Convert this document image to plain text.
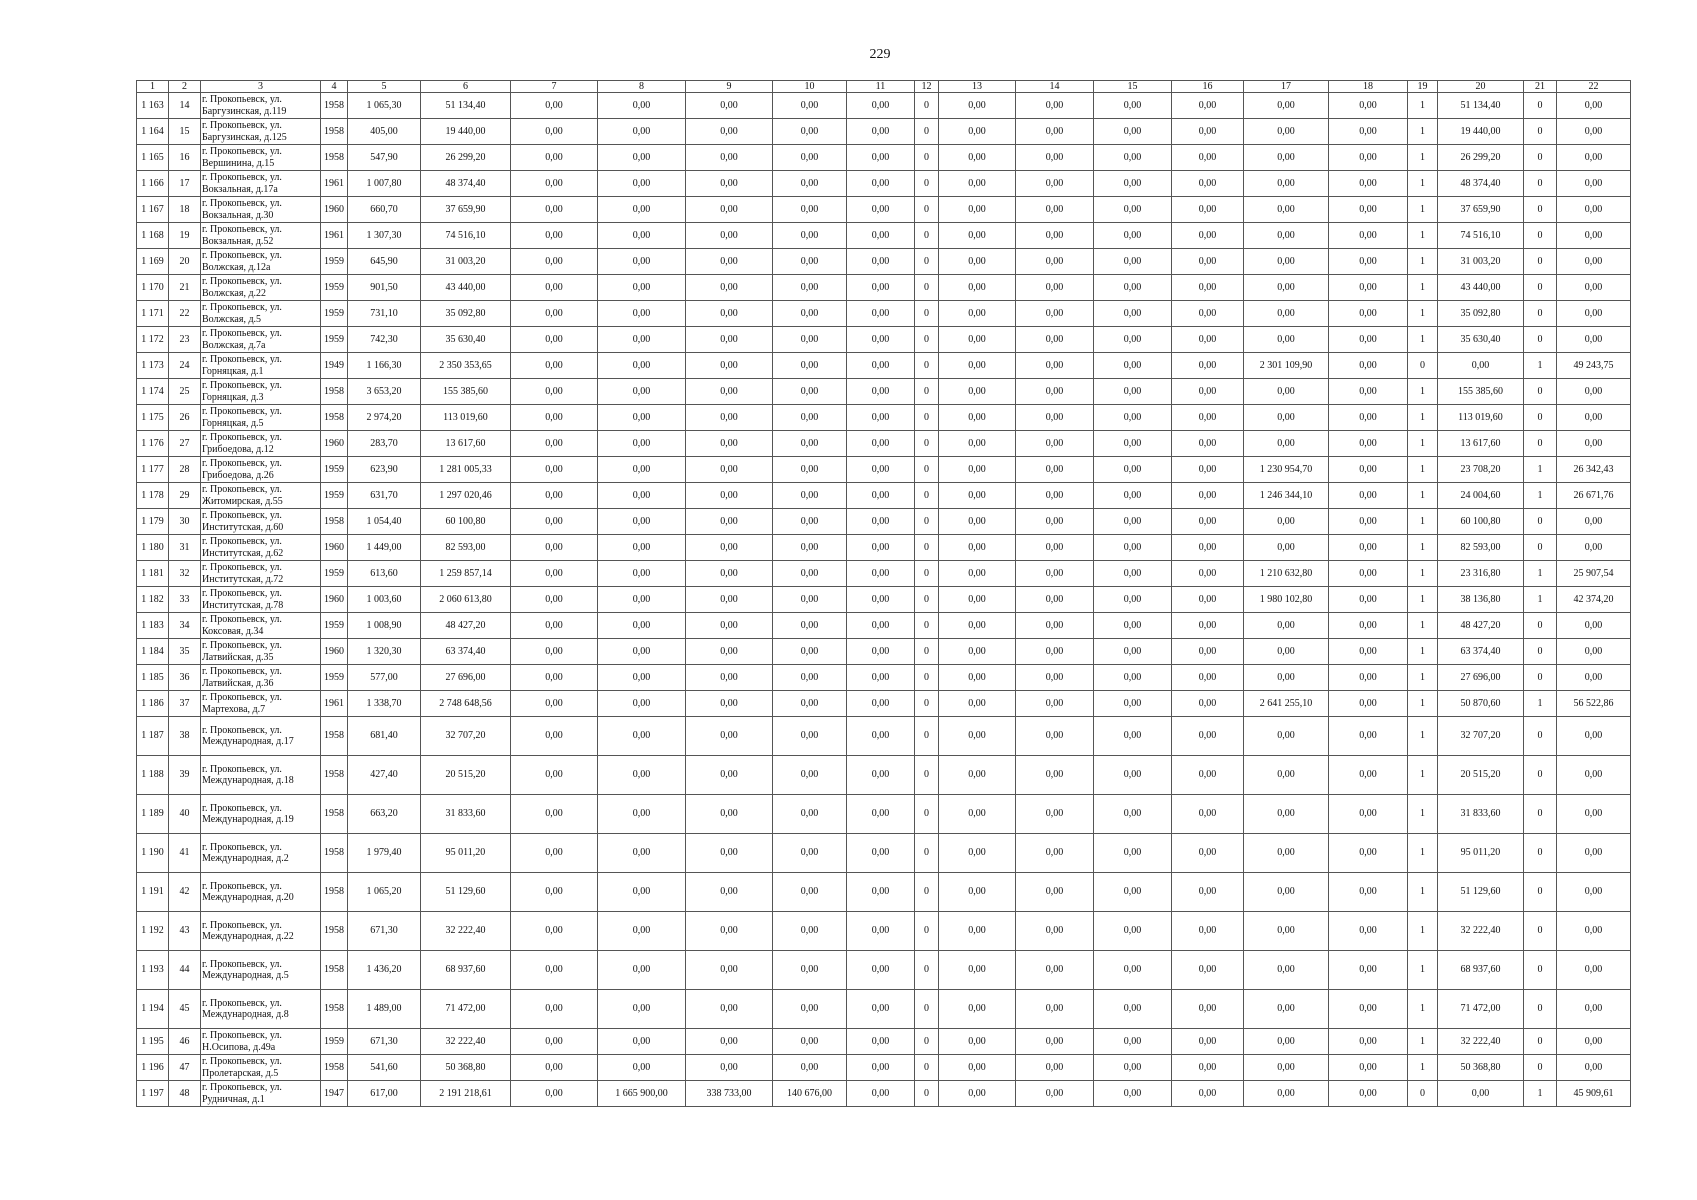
229
1	2	3	4	5	6	7	8	9	10	11	12	13	14	15	16	17	18	19	20	21	22
1 163	14	г. Прокопьевск, ул. Баргузинская, д.119	1958	1 065,30	51 134,40	0,00	0,00	0,00	0,00	0,00	0	0,00	0,00	0,00	0,00	0,00	0,00	1	51 134,40	0	0,00
1 164	15	г. Прокопьевск, ул. Баргузинская, д.125	1958	405,00	19 440,00	0,00	0,00	0,00	0,00	0,00	0	0,00	0,00	0,00	0,00	0,00	0,00	1	19 440,00	0	0,00
1 165	16	г. Прокопьевск, ул. Вершинина, д.15	1958	547,90	26 299,20	0,00	0,00	0,00	0,00	0,00	0	0,00	0,00	0,00	0,00	0,00	0,00	1	26 299,20	0	0,00
1 166	17	г. Прокопьевск, ул. Вокзальная, д.17а	1961	1 007,80	48 374,40	0,00	0,00	0,00	0,00	0,00	0	0,00	0,00	0,00	0,00	0,00	0,00	1	48 374,40	0	0,00
1 167	18	г. Прокопьевск, ул. Вокзальная, д.30	1960	660,70	37 659,90	0,00	0,00	0,00	0,00	0,00	0	0,00	0,00	0,00	0,00	0,00	0,00	1	37 659,90	0	0,00
1 168	19	г. Прокопьевск, ул. Вокзальная, д.52	1961	1 307,30	74 516,10	0,00	0,00	0,00	0,00	0,00	0	0,00	0,00	0,00	0,00	0,00	0,00	1	74 516,10	0	0,00
1 169	20	г. Прокопьевск, ул. Волжская, д.12а	1959	645,90	31 003,20	0,00	0,00	0,00	0,00	0,00	0	0,00	0,00	0,00	0,00	0,00	0,00	1	31 003,20	0	0,00
1 170	21	г. Прокопьевск, ул. Волжская, д.22	1959	901,50	43 440,00	0,00	0,00	0,00	0,00	0,00	0	0,00	0,00	0,00	0,00	0,00	0,00	1	43 440,00	0	0,00
1 171	22	г. Прокопьевск, ул. Волжская, д.5	1959	731,10	35 092,80	0,00	0,00	0,00	0,00	0,00	0	0,00	0,00	0,00	0,00	0,00	0,00	1	35 092,80	0	0,00
1 172	23	г. Прокопьевск, ул. Волжская, д.7а	1959	742,30	35 630,40	0,00	0,00	0,00	0,00	0,00	0	0,00	0,00	0,00	0,00	0,00	0,00	1	35 630,40	0	0,00
1 173	24	г. Прокопьевск, ул. Горняцкая, д.1	1949	1 166,30	2 350 353,65	0,00	0,00	0,00	0,00	0,00	0	0,00	0,00	0,00	0,00	2 301 109,90	0,00	0	0,00	1	49 243,75
1 174	25	г. Прокопьевск, ул. Горняцкая, д.3	1958	3 653,20	155 385,60	0,00	0,00	0,00	0,00	0,00	0	0,00	0,00	0,00	0,00	0,00	0,00	1	155 385,60	0	0,00
1 175	26	г. Прокопьевск, ул. Горняцкая, д.5	1958	2 974,20	113 019,60	0,00	0,00	0,00	0,00	0,00	0	0,00	0,00	0,00	0,00	0,00	0,00	1	113 019,60	0	0,00
1 176	27	г. Прокопьевск, ул. Грибоедова, д.12	1960	283,70	13 617,60	0,00	0,00	0,00	0,00	0,00	0	0,00	0,00	0,00	0,00	0,00	0,00	1	13 617,60	0	0,00
1 177	28	г. Прокопьевск, ул. Грибоедова, д.26	1959	623,90	1 281 005,33	0,00	0,00	0,00	0,00	0,00	0	0,00	0,00	0,00	0,00	1 230 954,70	0,00	1	23 708,20	1	26 342,43
1 178	29	г. Прокопьевск, ул. Житомирская, д.55	1959	631,70	1 297 020,46	0,00	0,00	0,00	0,00	0,00	0	0,00	0,00	0,00	0,00	1 246 344,10	0,00	1	24 004,60	1	26 671,76
1 179	30	г. Прокопьевск, ул. Институтская, д.60	1958	1 054,40	60 100,80	0,00	0,00	0,00	0,00	0,00	0	0,00	0,00	0,00	0,00	0,00	0,00	1	60 100,80	0	0,00
1 180	31	г. Прокопьевск, ул. Институтская, д.62	1960	1 449,00	82 593,00	0,00	0,00	0,00	0,00	0,00	0	0,00	0,00	0,00	0,00	0,00	0,00	1	82 593,00	0	0,00
1 181	32	г. Прокопьевск, ул. Институтская, д.72	1959	613,60	1 259 857,14	0,00	0,00	0,00	0,00	0,00	0	0,00	0,00	0,00	0,00	1 210 632,80	0,00	1	23 316,80	1	25 907,54
1 182	33	г. Прокопьевск, ул. Институтская, д.78	1960	1 003,60	2 060 613,80	0,00	0,00	0,00	0,00	0,00	0	0,00	0,00	0,00	0,00	1 980 102,80	0,00	1	38 136,80	1	42 374,20
1 183	34	г. Прокопьевск, ул. Коксовая, д.34	1959	1 008,90	48 427,20	0,00	0,00	0,00	0,00	0,00	0	0,00	0,00	0,00	0,00	0,00	0,00	1	48 427,20	0	0,00
1 184	35	г. Прокопьевск, ул. Латвийская, д.35	1960	1 320,30	63 374,40	0,00	0,00	0,00	0,00	0,00	0	0,00	0,00	0,00	0,00	0,00	0,00	1	63 374,40	0	0,00
1 185	36	г. Прокопьевск, ул. Латвийская, д.36	1959	577,00	27 696,00	0,00	0,00	0,00	0,00	0,00	0	0,00	0,00	0,00	0,00	0,00	0,00	1	27 696,00	0	0,00
1 186	37	г. Прокопьевск, ул. Мартехова, д.7	1961	1 338,70	2 748 648,56	0,00	0,00	0,00	0,00	0,00	0	0,00	0,00	0,00	0,00	2 641 255,10	0,00	1	50 870,60	1	56 522,86
1 187	38	г. Прокопьевск, ул. Международная, д.17	1958	681,40	32 707,20	0,00	0,00	0,00	0,00	0,00	0	0,00	0,00	0,00	0,00	0,00	0,00	1	32 707,20	0	0,00
1 188	39	г. Прокопьевск, ул. Международная, д.18	1958	427,40	20 515,20	0,00	0,00	0,00	0,00	0,00	0	0,00	0,00	0,00	0,00	0,00	0,00	1	20 515,20	0	0,00
1 189	40	г. Прокопьевск, ул. Международная, д.19	1958	663,20	31 833,60	0,00	0,00	0,00	0,00	0,00	0	0,00	0,00	0,00	0,00	0,00	0,00	1	31 833,60	0	0,00
1 190	41	г. Прокопьевск, ул. Международная, д.2	1958	1 979,40	95 011,20	0,00	0,00	0,00	0,00	0,00	0	0,00	0,00	0,00	0,00	0,00	0,00	1	95 011,20	0	0,00
1 191	42	г. Прокопьевск, ул. Международная, д.20	1958	1 065,20	51 129,60	0,00	0,00	0,00	0,00	0,00	0	0,00	0,00	0,00	0,00	0,00	0,00	1	51 129,60	0	0,00
1 192	43	г. Прокопьевск, ул. Международная, д.22	1958	671,30	32 222,40	0,00	0,00	0,00	0,00	0,00	0	0,00	0,00	0,00	0,00	0,00	0,00	1	32 222,40	0	0,00
1 193	44	г. Прокопьевск, ул. Международная, д.5	1958	1 436,20	68 937,60	0,00	0,00	0,00	0,00	0,00	0	0,00	0,00	0,00	0,00	0,00	0,00	1	68 937,60	0	0,00
1 194	45	г. Прокопьевск, ул. Международная, д.8	1958	1 489,00	71 472,00	0,00	0,00	0,00	0,00	0,00	0	0,00	0,00	0,00	0,00	0,00	0,00	1	71 472,00	0	0,00
1 195	46	г. Прокопьевск, ул. Н.Осипова, д.49а	1959	671,30	32 222,40	0,00	0,00	0,00	0,00	0,00	0	0,00	0,00	0,00	0,00	0,00	0,00	1	32 222,40	0	0,00
1 196	47	г. Прокопьевск, ул. Пролетарская, д.5	1958	541,60	50 368,80	0,00	0,00	0,00	0,00	0,00	0	0,00	0,00	0,00	0,00	0,00	0,00	1	50 368,80	0	0,00
1 197	48	г. Прокопьевск, ул. Рудничная, д.1	1947	617,00	2 191 218,61	0,00	1 665 900,00	338 733,00	140 676,00	0,00	0	0,00	0,00	0,00	0,00	0,00	0,00	0	0,00	1	45 909,61
